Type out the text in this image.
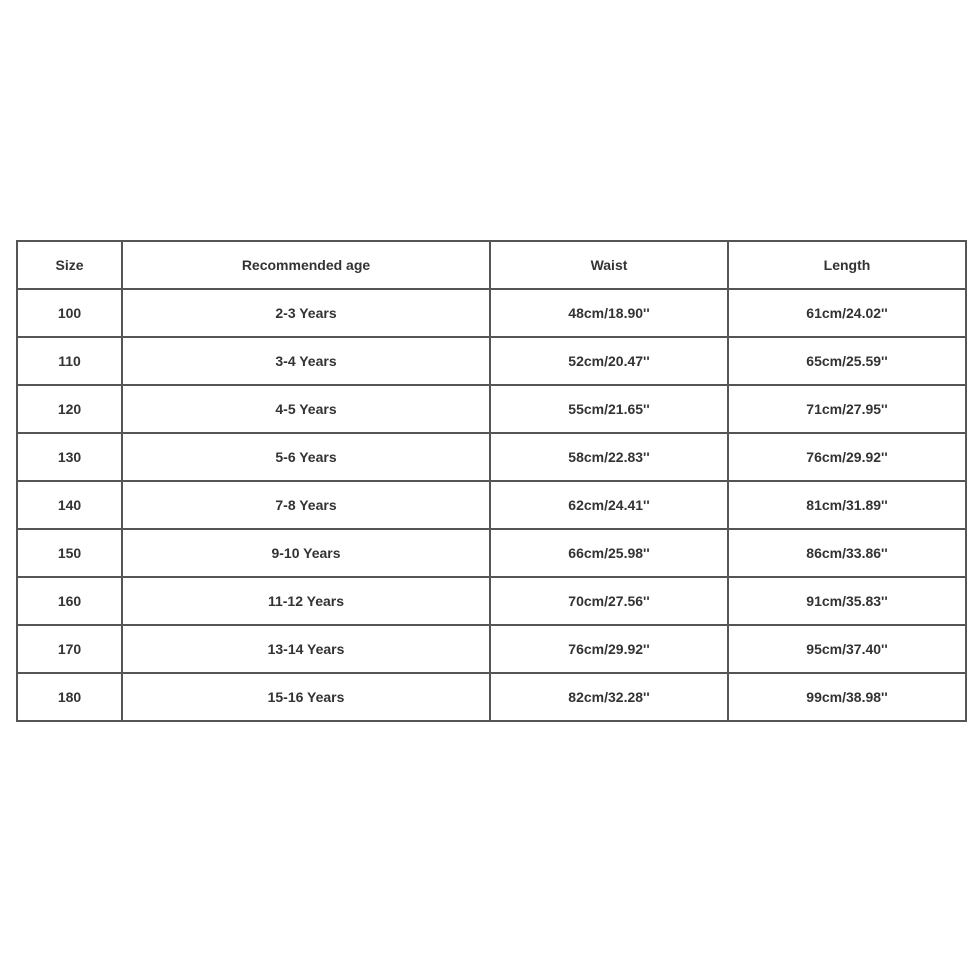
Size	Recommended age	Waist	Length
100	2-3 Years	48cm/18.90''	61cm/24.02''
110	3-4 Years	52cm/20.47''	65cm/25.59''
120	4-5 Years	55cm/21.65''	71cm/27.95''
130	5-6 Years	58cm/22.83''	76cm/29.92''
140	7-8 Years	62cm/24.41''	81cm/31.89''
150	9-10 Years	66cm/25.98''	86cm/33.86''
160	11-12 Years	70cm/27.56''	91cm/35.83''
170	13-14 Years	76cm/29.92''	95cm/37.40''
180	15-16 Years	82cm/32.28''	99cm/38.98''
